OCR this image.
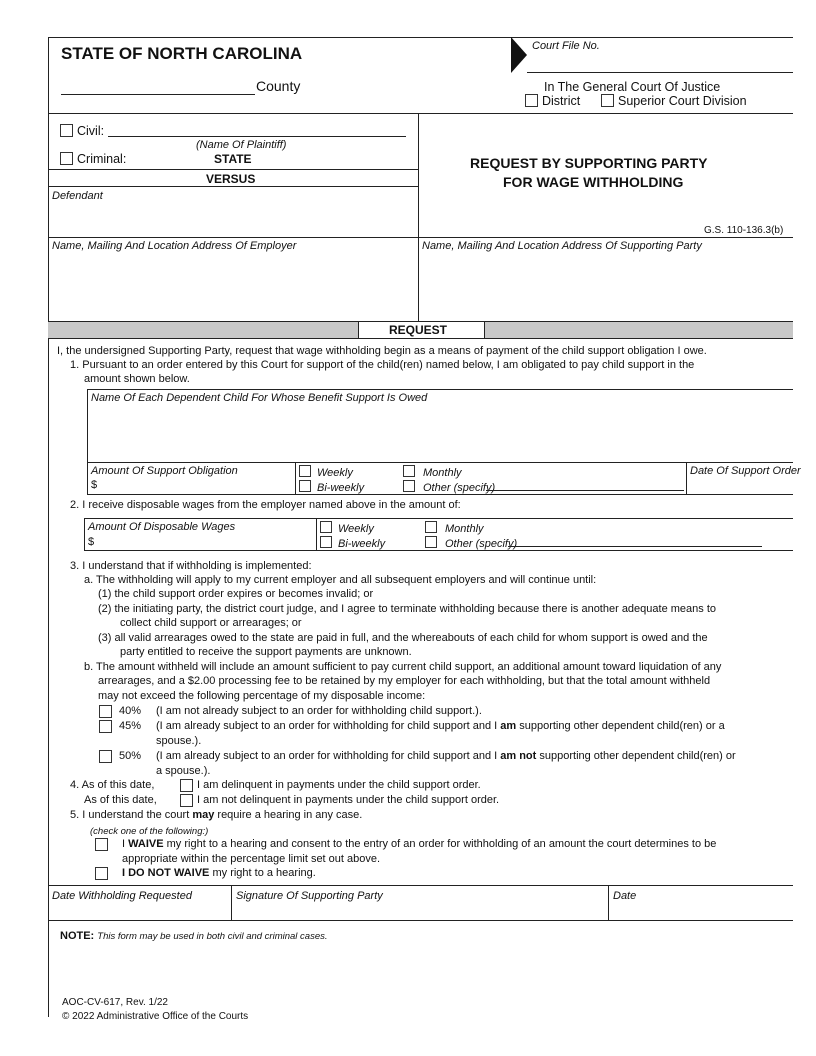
STATE OF NORTH CAROLINA
County
Court File No.
In The General Court Of Justice
District	Superior Court Division
Civil:
(Name Of Plaintiff)
Criminal:	STATE
VERSUS
Defendant
REQUEST BY SUPPORTING PARTY
FOR WAGE WITHHOLDING
G.S. 110-136.3(b)
Name, Mailing And Location Address Of Employer	Name, Mailing And Location Address Of Supporting Party
REQUEST
I, the undersigned Supporting Party, request that wage withholding begin as a means of payment of the child support obligation I owe.
1. Pursuant to an order entered by this Court for support of the child(ren) named below, I am obligated to pay child support in the
amount shown below.
Name Of Each Dependent Child For Whose Benefit Support Is Owed
Amount Of Support Obligation
$
Weekly
Bi-weekly
Monthly
Other (specify)
Date Of Support Order
2. I receive disposable wages from the employer named above in the amount of:
Amount Of Disposable Wages
$
Weekly
Bi-weekly
Monthly
Other (specify)
3. I understand that if withholding is implemented:
a. The withholding will apply to my current employer and all subsequent employers and will continue until:
(1) the child support order expires or becomes invalid; or
(2) the initiating party, the district court judge, and I agree to terminate withholding because there is another adequate means to
collect child support or arrearages; or
(3) all valid arrearages owed to the state are paid in full, and the whereabouts of each child for whom support is owed and the
party entitled to receive the support payments are unknown.
b. The amount withheld will include an amount sufficient to pay current child support, an additional amount toward liquidation of any
arrearages, and a $2.00 processing fee to be retained by my employer for each withholding, but that the total amount withheld
may not exceed the following percentage of my disposable income:
40% (I am not already subject to an order for withholding child support.).
45% (I am already subject to an order for withholding for child support and I am supporting other dependent child(ren) or a
spouse.).
50% (I am already subject to an order for withholding for child support and I am not supporting other dependent child(ren) or
a spouse.).
4. As of this date,	I am delinquent in payments under the child support order.
As of this date,	I am not delinquent in payments under the child support order.
5. I understand the court may require a hearing in any case.
(check one of the following:)
I WAIVE my right to a hearing and consent to the entry of an order for withholding of an amount the court determines to be
appropriate within the percentage limit set out above.
I DO NOT WAIVE my right to a hearing.
Date Withholding Requested	Signature Of Supporting Party	Date
NOTE: This form may be used in both civil and criminal cases.
AOC-CV-617, Rev. 1/22
© 2022 Administrative Office of the Courts
